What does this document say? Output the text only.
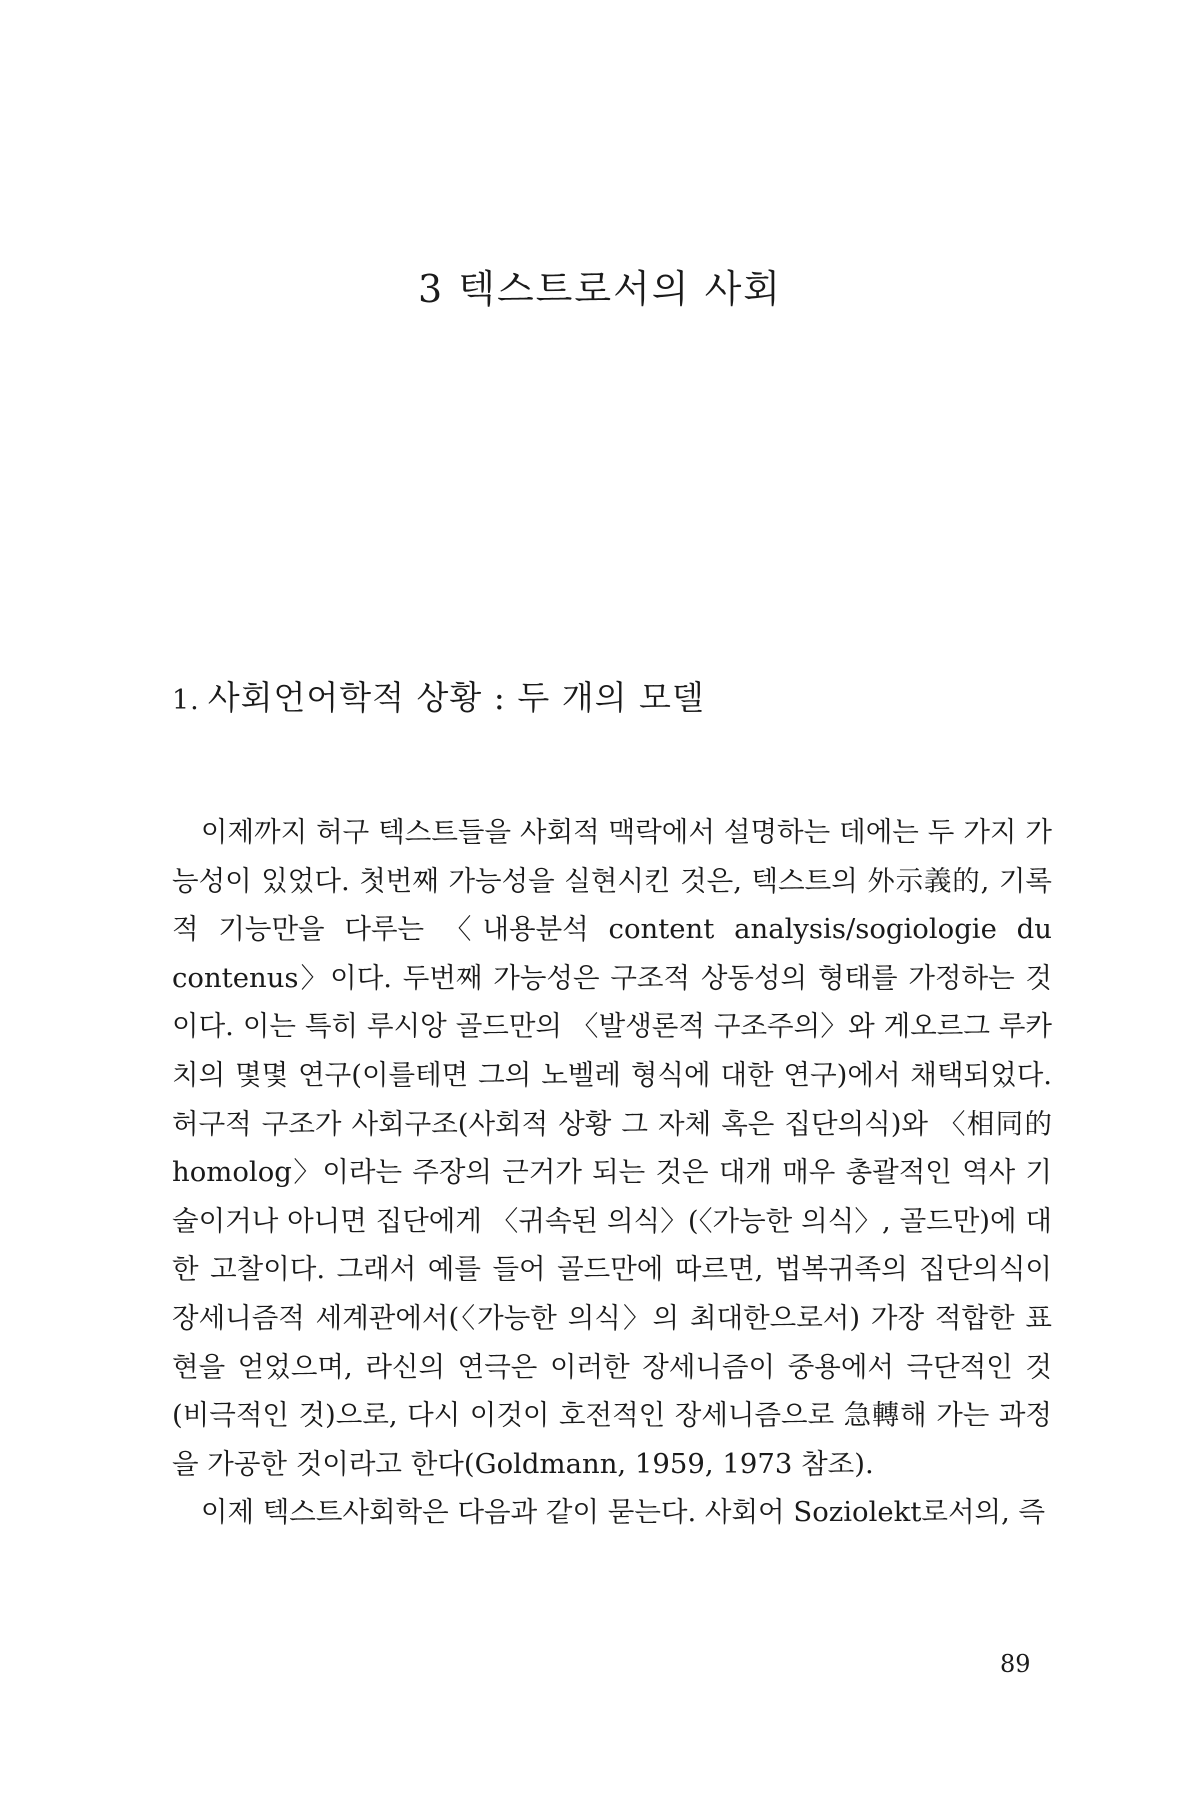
3 텍스트로서의 사회
1. 사회언어학적 상황 : 두 개의 모델

이제까지 허구 텍스트들을 사회적 맥락에서 설명하는 데에는 두 가지 가능성이 있었다. 첫번째 가능성을 실현시킨 것은, 텍스트의 外示義的, 기록적 기능만을 다루는 〈내용분석 content analysis/sogiologie du contenus〉이다. 두번째 가능성은 구조적 상동성의 형태를 가정하는 것이다. 이는 특히 루시앙 골드만의 〈발생론적 구조주의〉와 게오르그 루카치의 몇몇 연구(이를테면 그의 노벨레 형식에 대한 연구)에서 채택되었다. 허구적 구조가 사회구조(사회적 상황 그 자체 혹은 집단의식)와 〈相同的 homolog〉이라는 주장의 근거가 되는 것은 대개 매우 총괄적인 역사 기술이거나 아니면 집단에게 〈귀속된 의식〉(〈가능한 의식〉, 골드만)에 대한 고찰이다. 그래서 예를 들어 골드만에 따르면, 법복귀족의 집단의식이 장세니즘적 세계관에서(〈가능한 의식〉의 최대한으로서) 가장 적합한 표현을 얻었으며, 라신의 연극은 이러한 장세니즘이 중용에서 극단적인 것(비극적인 것)으로, 다시 이것이 호전적인 장세니즘으로 急轉해 가는 과정을 가공한 것이라고 한다(Goldmann, 1959, 1973 참조).

이제 텍스트사회학은 다음과 같이 묻는다. 사회어 Soziolekt로서의, 즉

89
